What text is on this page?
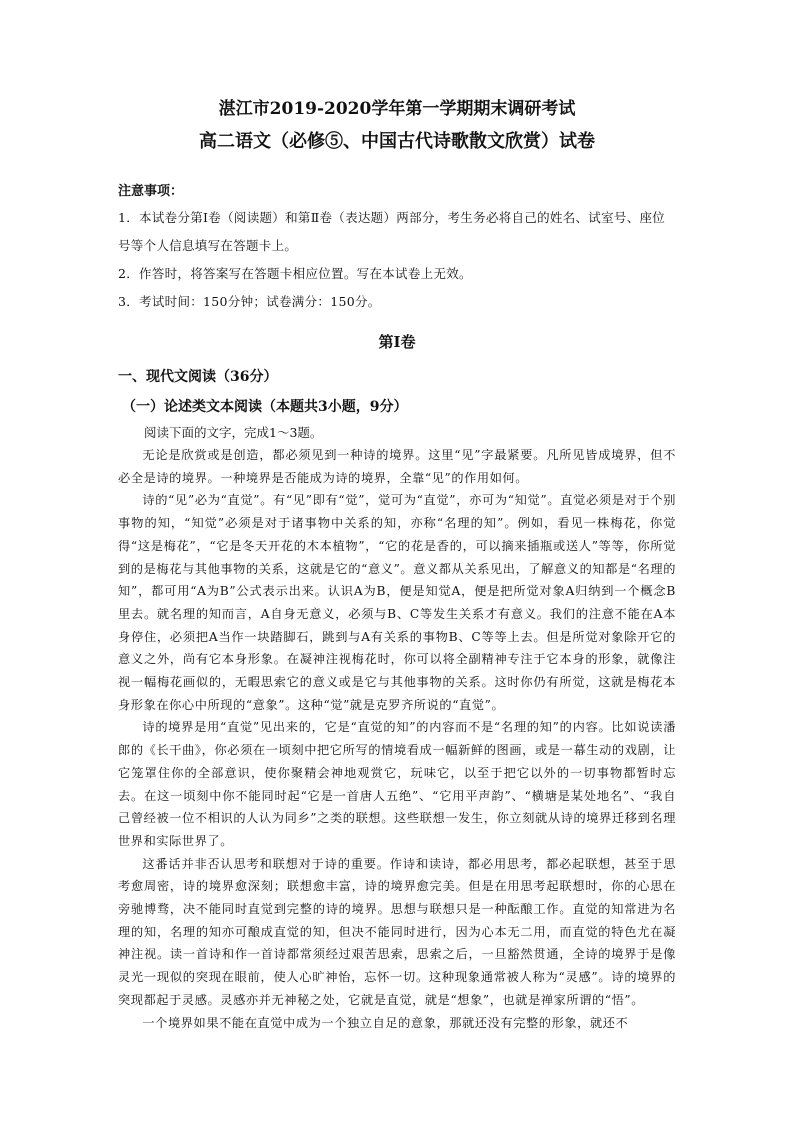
湛江市2019-2020学年第一学期期末调研考试
高二语文（必修⑤、中国古代诗歌散文欣赏）试卷

注意事项：

1．本试卷分第Ⅰ卷（阅读题）和第Ⅱ卷（表达题）两部分，考生务必将自己的姓名、试室号、座位号等个人信息填写在答题卡上。

2．作答时，将答案写在答题卡相应位置。写在本试卷上无效。

3．考试时间：150分钟；试卷满分：150分。

第Ⅰ卷

一、现代文阅读（36分）

（一）论述类文本阅读（本题共3小题，9分）

阅读下面的文字，完成1～3题。

无论是欣赏或是创造，都必须见到一种诗的境界。这里“见”字最紧要。凡所见皆成境界，但不必全是诗的境界。一种境界是否能成为诗的境界，全靠“见”的作用如何。

诗的“见”必为“直觉”。有“见”即有“觉”，觉可为“直觉”，亦可为“知觉”。直觉必须是对于个别事物的知，“知觉”必须是对于诸事物中关系的知，亦称“名理的知”。例如，看见一株梅花，你觉得“这是梅花”，“它是冬天开花的木本植物”，“它的花是香的，可以摘来插瓶或送人”等等，你所觉到的是梅花与其他事物的关系，这就是它的“意义”。意义都从关系见出，了解意义的知都是“名理的知”，都可用“A为B”公式表示出来。认识A为B，便是知觉A，便是把所觉对象A归纳到一个概念B里去。就名理的知而言，A自身无意义，必须与B、C等发生关系才有意义。我们的注意不能在A本身停住，必须把A当作一块踏脚石，跳到与A有关系的事物B、C等等上去。但是所觉对象除开它的意义之外，尚有它本身形象。在凝神注视梅花时，你可以将全副精神专注于它本身的形象，就像注视一幅梅花画似的，无暇思索它的意义或是它与其他事物的关系。这时你仍有所觉，这就是梅花本身形象在你心中所现的“意象”。这种“觉”就是克罗齐所说的“直觉”。

诗的境界是用“直觉”见出来的，它是“直觉的知”的内容而不是“名理的知”的内容。比如说读潘郎的《长干曲》，你必须在一顷刻中把它所写的情境看成一幅新鲜的图画，或是一幕生动的戏剧，让它笼罩住你的全部意识，使你聚精会神地观赏它，玩味它，以至于把它以外的一切事物都暂时忘去。在这一顷刻中你不能同时起“它是一首唐人五绝”、“它用平声韵”、“横塘是某处地名”、“我自己曾经被一位不相识的人认为同乡”之类的联想。这些联想一发生，你立刻就从诗的境界迁移到名理世界和实际世界了。

这番话并非否认思考和联想对于诗的重要。作诗和读诗，都必用思考，都必起联想，甚至于思考愈周密，诗的境界愈深刻；联想愈丰富，诗的境界愈完美。但是在用思考起联想时，你的心思在旁驰博骛，决不能同时直觉到完整的诗的境界。思想与联想只是一种酝酿工作。直觉的知常进为名理的知，名理的知亦可酿成直觉的知，但决不能同时进行，因为心本无二用，而直觉的特色尤在凝神注视。读一首诗和作一首诗都常须经过艰苦思索，思索之后，一旦豁然贯通，全诗的境界于是像灵光一现似的突现在眼前，使人心旷神怡，忘怀一切。这种现象通常被人称为“灵感”。诗的境界的突现都起于灵感。灵感亦并无神秘之处，它就是直觉，就是“想象”，也就是禅家所谓的“悟”。

一个境界如果不能在直觉中成为一个独立自足的意象，那就还没有完整的形象，就还不
